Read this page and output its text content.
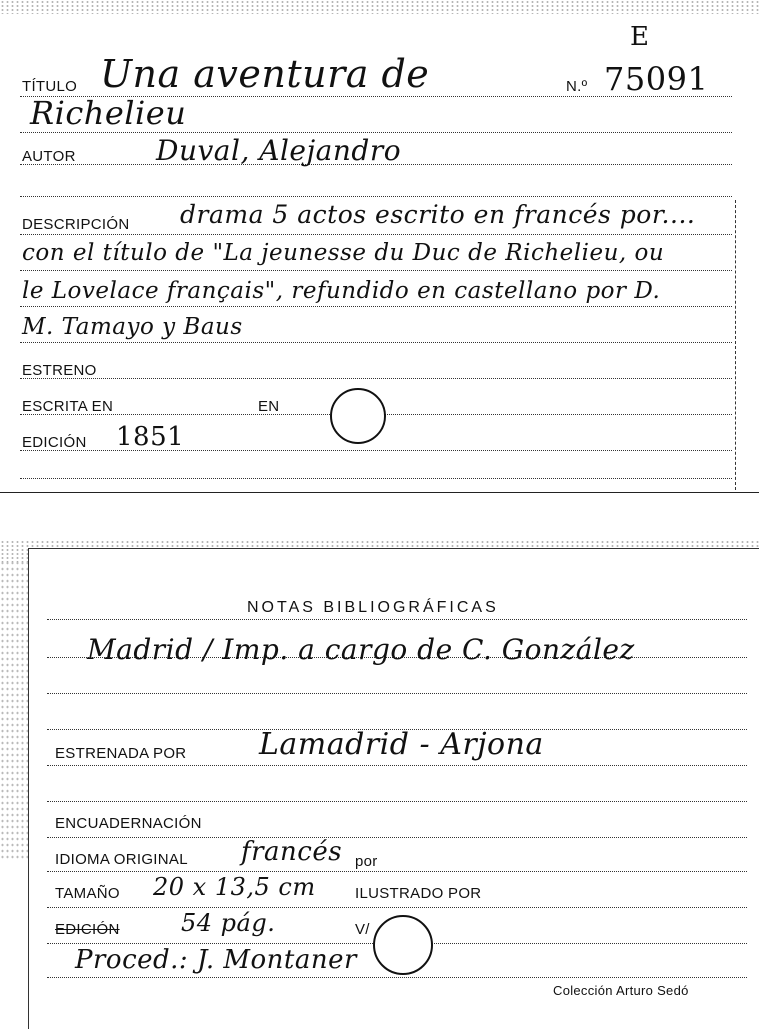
E
TÍTULO Una aventura de	N.º 75091
Richelieu
AUTOR	Duval, Alejandro
DESCRIPCIÓN drama 5 actos escrito en francés por....
con el título de "La jeunesse du Duc de Richelieu, ou
le Lovelace français", refundido en castellano por D.
M. Tamayo y Baus
ESTRENO
ESCRITA EN	EN
EDICIÓN 1851
NOTAS BIBLIOGRÁFICAS
Madrid / Imp. a cargo de C. González
ESTRENADA POR Lamadrid - Arjona
ENCUADERNACIÓN
IDIOMA ORIGINAL francés por
TAMAÑO 20 x 13,5 cm	ILUSTRADO POR
EDICIÓN	54 pág.	V/
Proced.: J. Montaner
Colección Arturo Sedó
